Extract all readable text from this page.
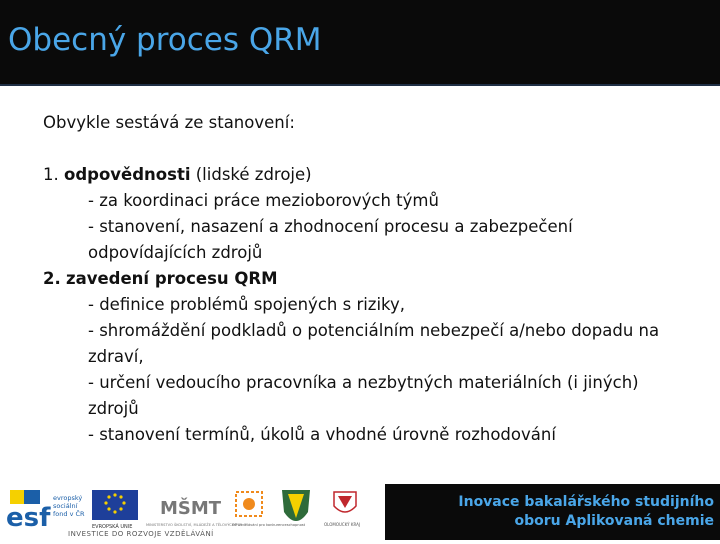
Obecný proces QRM

Obvykle sestává ze stanovení:

1. odpovědnosti (lidské zdroje)

- za koordinaci práce mezioborových týmů

- stanovení, nasazení a zhodnocení procesu a zabezpečení odpovídajících zdrojů

2. zavedení procesu QRM

- definice problémů spojených s riziky,

- shromáždění podkladů o potenciálním nebezpečí a/nebo dopadu na zdraví,

- určení vedoucího pracovníka a nezbytných materiálních (i jiných) zdrojů

- stanovení termínů, úkolů a vhodné úrovně rozhodování

esf
evropský
sociální
fond v ČR
EVROPSKÁ UNIE
MŠMT
MINISTERSTVO ŠKOLSTVÍ, MLÁDEŽE A TĚLOVÝCHOVY
OP Vzdělávání pro konkurenceschopnost	OLOMOUCKÝ KRAJ
INVESTICE DO ROZVOJE VZDĚLÁVÁNÍ
Inovace bakalářského studijního
oboru Aplikovaná chemie
